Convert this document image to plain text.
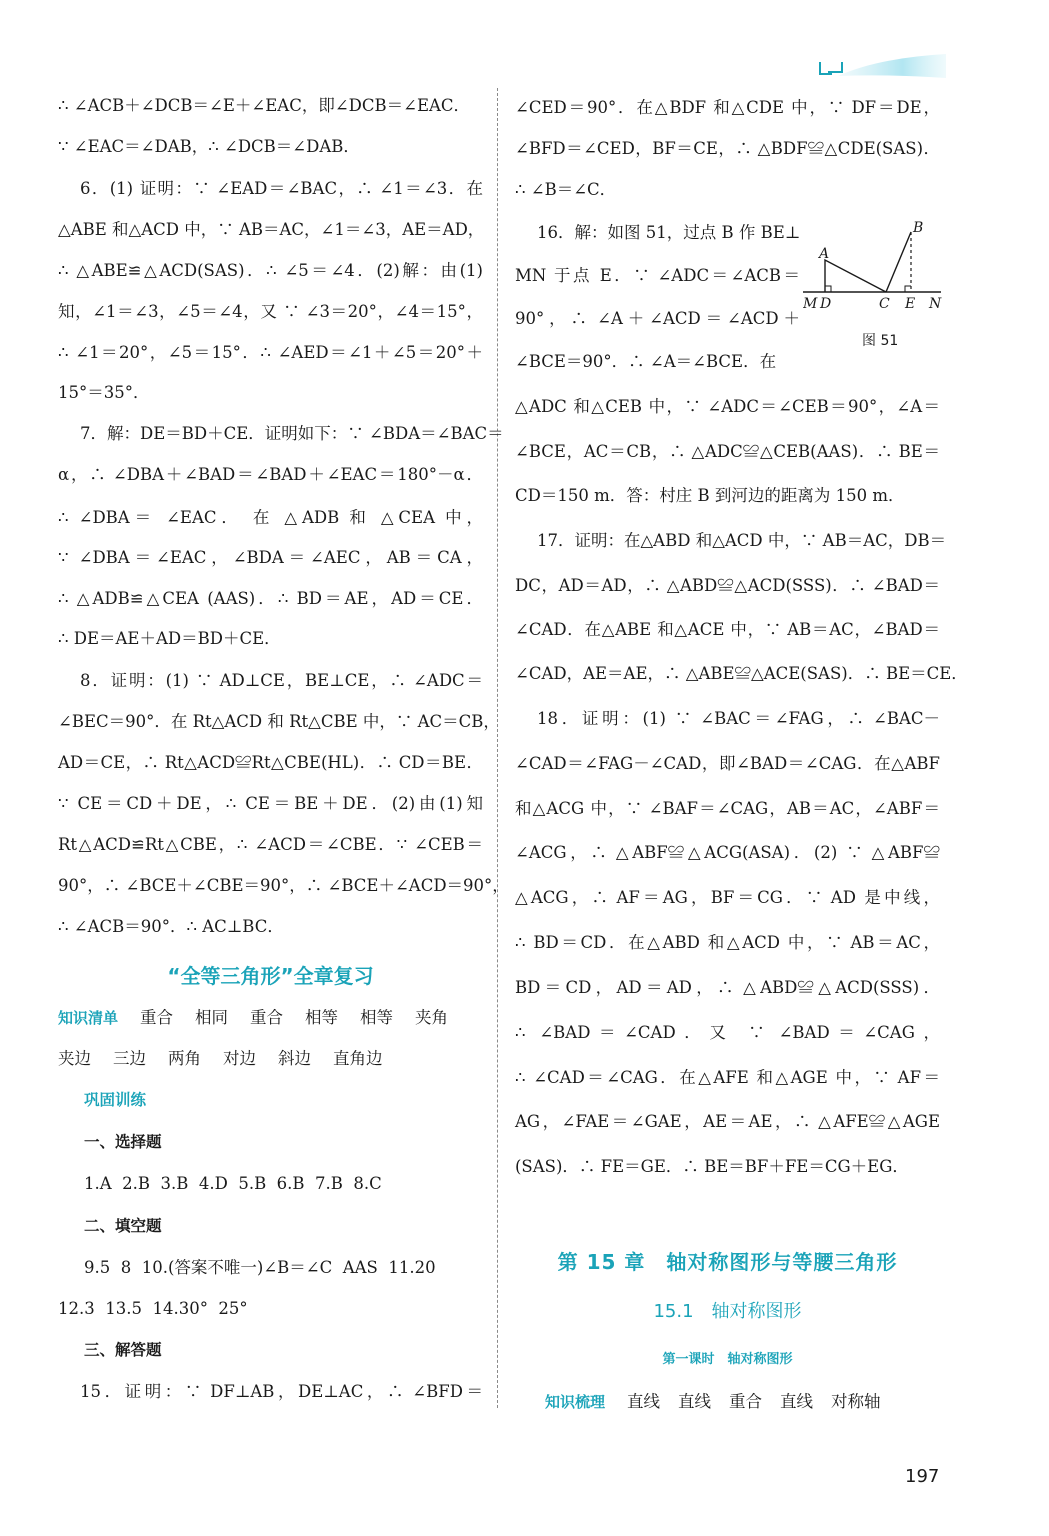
∴ ∠ACB＋∠DCB＝∠E＋∠EAC，即∠DCB＝∠EAC．
∵ ∠EAC＝∠DAB，∴ ∠DCB＝∠DAB．
6．(1) 证明：∵ ∠EAD＝∠BAC，∴ ∠1＝∠3．在
△ABE 和△ACD 中，∵ AB＝AC，∠1＝∠3，AE＝AD，
∴ △ABE≌△ACD(SAS)．∴ ∠5＝∠4．(2)解：由(1)
知，∠1＝∠3，∠5＝∠4，又 ∵ ∠3＝20°，∠4＝15°，
∴ ∠1＝20°，∠5＝15°．∴ ∠AED＝∠1＋∠5＝20°＋
15°＝35°．
7．解：DE＝BD＋CE．证明如下：∵ ∠BDA＝∠BAC＝
α，∴ ∠DBA＋∠BAD＝∠BAD＋∠EAC＝180°－α．
∴ ∠DBA＝ ∠EAC． 在 △ADB 和 △CEA 中，
∵ ∠DBA＝∠EAC，∠BDA＝∠AEC，AB＝CA，
∴ △ADB≌△CEA (AAS)．∴ BD＝AE，AD＝CE．
∴ DE＝AE＋AD＝BD＋CE．
8．证明：(1) ∵ AD⊥CE，BE⊥CE，∴ ∠ADC＝
∠BEC＝90°．在 Rt△ACD 和 Rt△CBE 中，∵ AC＝CB，
AD＝CE，∴ Rt△ACD≌Rt△CBE(HL)．∴ CD＝BE．
∵ CE＝CD＋DE，∴ CE＝BE＋DE．(2)由(1)知
Rt△ACD≌Rt△CBE，∴ ∠ACD＝∠CBE．∵ ∠CEB＝
90°，∴ ∠BCE＋∠CBE＝90°，∴ ∠BCE＋∠ACD＝90°，
∴ ∠ACB＝90°．∴ AC⊥BC．
“全等三角形”全章复习
知识清单 重合 相同 重合 相等 相等 夹角
夹边 三边 两角 对边 斜边 直角边
巩固训练
一、选择题
1.A  2.B  3.B  4.D  5.B  6.B  7.B  8.C
二、填空题
9.5  8  10.(答案不唯一)∠B＝∠C  AAS  11.20
12.3  13.5  14.30°  25°
三、解答题
15．证明：∵ DF⊥AB，DE⊥AC，∴ ∠BFD＝
∠CED＝90°．在△BDF 和△CDE 中，∵ DF＝DE，
∠BFD＝∠CED，BF＝CE，∴ △BDF≌△CDE(SAS)．
∴ ∠B＝∠C．
16．解：如图 51，过点 B 作 BE⊥
MN 于点 E．∵ ∠ADC＝∠ACB＝
90°，∴ ∠A＋∠ACD＝∠ACD＋
∠BCE＝90°．∴ ∠A＝∠BCE．在
A
B
M D	C E N
图 51
△ADC 和△CEB 中，∵ ∠ADC＝∠CEB＝90°，∠A＝
∠BCE，AC＝CB，∴ △ADC≌△CEB(AAS)．∴ BE＝
CD＝150 m．答：村庄 B 到河边的距离为 150 m．
17．证明：在△ABD 和△ACD 中，∵ AB＝AC，DB＝
DC，AD＝AD，∴ △ABD≌△ACD(SSS)．∴ ∠BAD＝
∠CAD．在△ABE 和△ACE 中，∵ AB＝AC，∠BAD＝
∠CAD，AE＝AE，∴ △ABE≌△ACE(SAS)．∴ BE＝CE．
18．证明：(1) ∵ ∠BAC＝∠FAG，∴ ∠BAC－
∠CAD＝∠FAG－∠CAD，即∠BAD＝∠CAG．在△ABF
和△ACG 中，∵ ∠BAF＝∠CAG，AB＝AC，∠ABF＝
∠ACG，∴ △ABF≌△ACG(ASA)．(2) ∵ △ABF≌
△ACG，∴ AF＝AG，BF＝CG．∵ AD 是中线，
∴ BD＝CD．在△ABD 和△ACD 中，∵ AB＝AC，
BD＝CD，AD＝AD，∴ △ABD≌△ACD(SSS)．
∴ ∠BAD＝∠CAD．又 ∵ ∠BAD＝∠CAG，
∴ ∠CAD＝∠CAG．在△AFE 和△AGE 中，∵ AF＝
AG，∠FAE＝∠GAE，AE＝AE，∴ △AFE≌△AGE
(SAS)．∴ FE＝GE．∴ BE＝BF＋FE＝CG＋EG．
第 15 章　轴对称图形与等腰三角形
15.1　轴对称图形
第一课时　轴对称图形
知识梳理 直线 直线 重合 直线 对称轴
197
